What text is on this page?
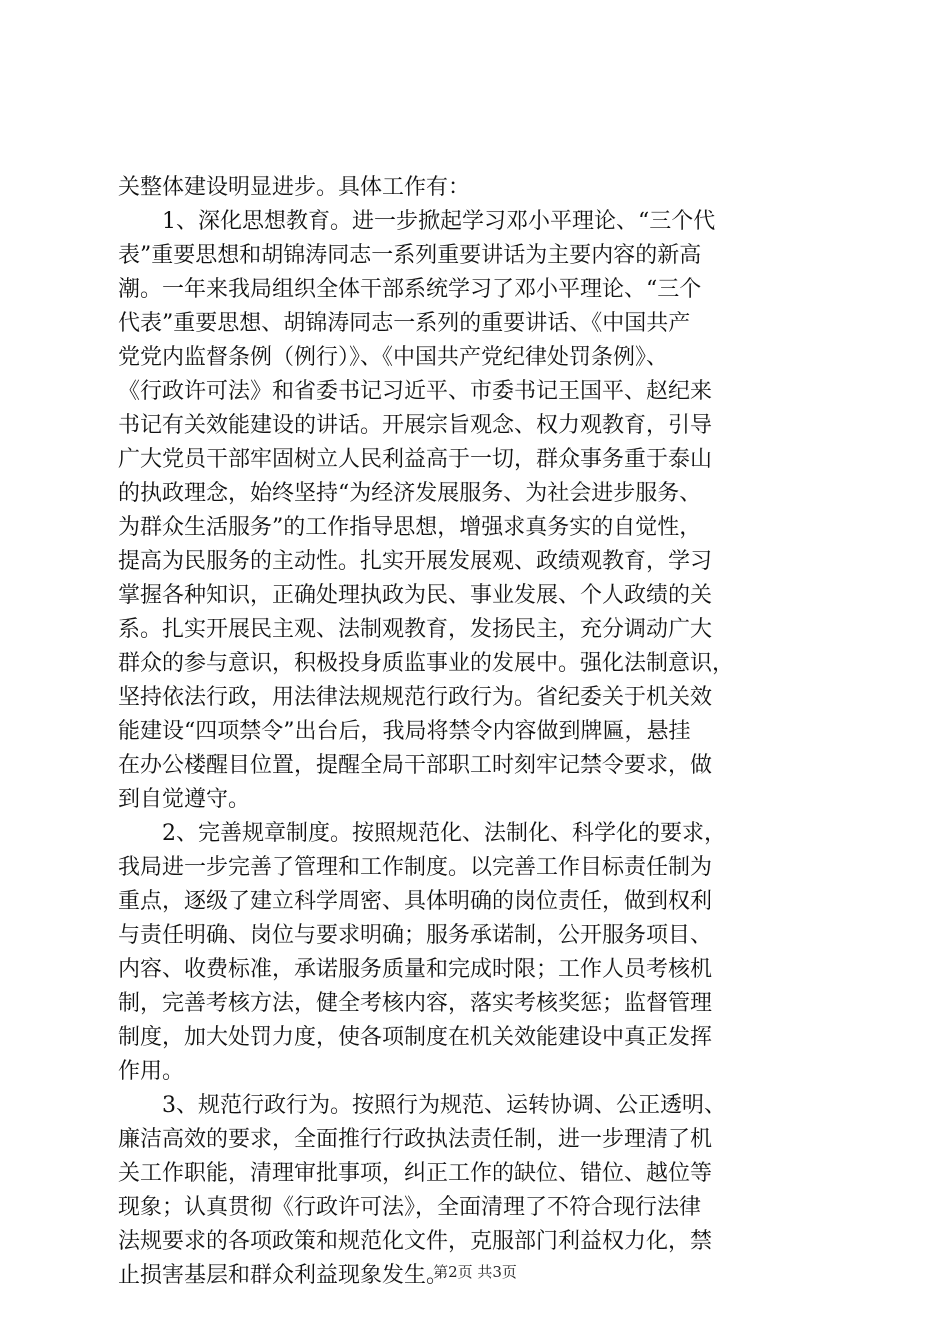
关整体建设明显进步。具体工作有：
　　1、深化思想教育。进一步掀起学习邓小平理论、“三个代
表”重要思想和胡锦涛同志一系列重要讲话为主要内容的新高
潮。一年来我局组织全体干部系统学习了邓小平理论、“三个
代表”重要思想、胡锦涛同志一系列的重要讲话、《中国共产
党党内监督条例（例行）》、《中国共产党纪律处罚条例》、
《行政许可法》和省委书记习近平、市委书记王国平、赵纪来
书记有关效能建设的讲话。开展宗旨观念、权力观教育，引导
广大党员干部牢固树立人民利益高于一切，群众事务重于泰山
的执政理念，始终坚持“为经济发展服务、为社会进步服务、
为群众生活服务”的工作指导思想，增强求真务实的自觉性，
提高为民服务的主动性。扎实开展发展观、政绩观教育，学习
掌握各种知识，正确处理执政为民、事业发展、个人政绩的关
系。扎实开展民主观、法制观教育，发扬民主，充分调动广大
群众的参与意识，积极投身质监事业的发展中。强化法制意识，
坚持依法行政，用法律法规规范行政行为。省纪委关于机关效
能建设“四项禁令”出台后，我局将禁令内容做到牌匾，悬挂
在办公楼醒目位置，提醒全局干部职工时刻牢记禁令要求，做
到自觉遵守。
　　2、完善规章制度。按照规范化、法制化、科学化的要求，
我局进一步完善了管理和工作制度。以完善工作目标责任制为
重点，逐级了建立科学周密、具体明确的岗位责任，做到权利
与责任明确、岗位与要求明确；服务承诺制，公开服务项目、
内容、收费标准，承诺服务质量和完成时限；工作人员考核机
制，完善考核方法，健全考核内容，落实考核奖惩；监督管理
制度，加大处罚力度，使各项制度在机关效能建设中真正发挥
作用。
　　3、规范行政行为。按照行为规范、运转协调、公正透明、
廉洁高效的要求，全面推行行政执法责任制，进一步理清了机
关工作职能，清理审批事项，纠正工作的缺位、错位、越位等
现象；认真贯彻《行政许可法》，全面清理了不符合现行法律
法规要求的各项政策和规范化文件，克服部门利益权力化，禁
止损害基层和群众利益现象发生。
第2页 共3页
